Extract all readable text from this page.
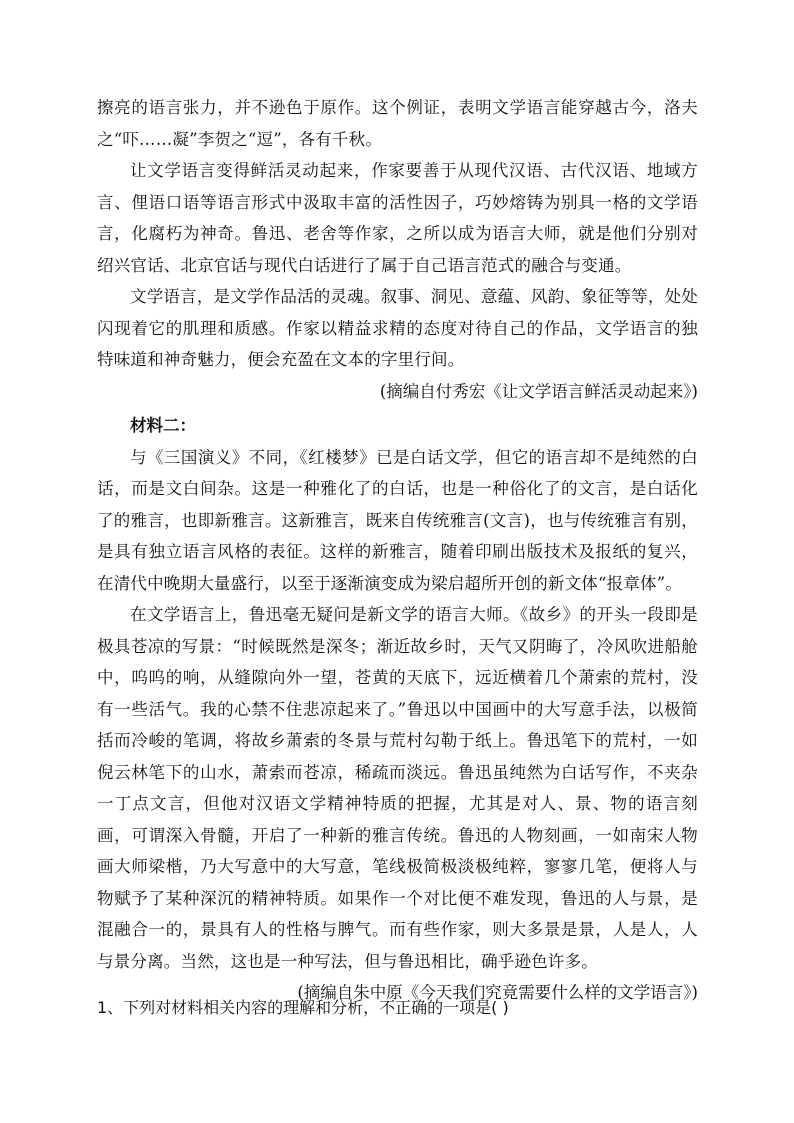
擦亮的语言张力，并不逊色于原作。这个例证，表明文学语言能穿越古今，洛夫之“吓……凝”李贺之“逗”，各有千秋。

让文学语言变得鲜活灵动起来，作家要善于从现代汉语、古代汉语、地域方言、俚语口语等语言形式中汲取丰富的活性因子，巧妙熔铸为别具一格的文学语言，化腐朽为神奇。鲁迅、老舍等作家，之所以成为语言大师，就是他们分别对绍兴官话、北京官话与现代白话进行了属于自己语言范式的融合与变通。

文学语言，是文学作品活的灵魂。叙事、洞见、意蕴、风韵、象征等等，处处闪现着它的肌理和质感。作家以精益求精的态度对待自己的作品，文学语言的独特味道和神奇魅力，便会充盈在文本的字里行间。

(摘编自付秀宏《让文学语言鲜活灵动起来》)

材料二：

与《三国演义》不同，《红楼梦》已是白话文学，但它的语言却不是纯然的白话，而是文白间杂。这是一种雅化了的白话，也是一种俗化了的文言，是白话化了的雅言，也即新雅言。这新雅言，既来自传统雅言(文言)，也与传统雅言有别，是具有独立语言风格的表征。这样的新雅言，随着印刷出版技术及报纸的复兴，在清代中晚期大量盛行，以至于逐渐演变成为梁启超所开创的新文体“报章体”。

在文学语言上，鲁迅毫无疑问是新文学的语言大师。《故乡》的开头一段即是极具苍凉的写景：“时候既然是深冬；渐近故乡时，天气又阴晦了，冷风吹进船舱中，呜呜的响，从缝隙向外一望，苍黄的天底下，远近横着几个萧索的荒村，没有一些活气。我的心禁不住悲凉起来了。”鲁迅以中国画中的大写意手法，以极简括而冷峻的笔调，将故乡萧索的冬景与荒村勾勒于纸上。鲁迅笔下的荒村，一如倪云林笔下的山水，萧索而苍凉，稀疏而淡远。鲁迅虽纯然为白话写作，不夹杂一丁点文言，但他对汉语文学精神特质的把握，尤其是对人、景、物的语言刻画，可谓深入骨髓，开启了一种新的雅言传统。鲁迅的人物刻画，一如南宋人物画大师梁楷，乃大写意中的大写意，笔线极简极淡极纯粹，寥寥几笔，便将人与物赋予了某种深沉的精神特质。如果作一个对比便不难发现，鲁迅的人与景，是混融合一的，景具有人的性格与脾气。而有些作家，则大多景是景，人是人，人与景分离。当然，这也是一种写法，但与鲁迅相比，确乎逊色许多。

(摘编自朱中原《今天我们究竟需要什么样的文学语言》)

1、下列对材料相关内容的理解和分析，不正确的一项是( )
